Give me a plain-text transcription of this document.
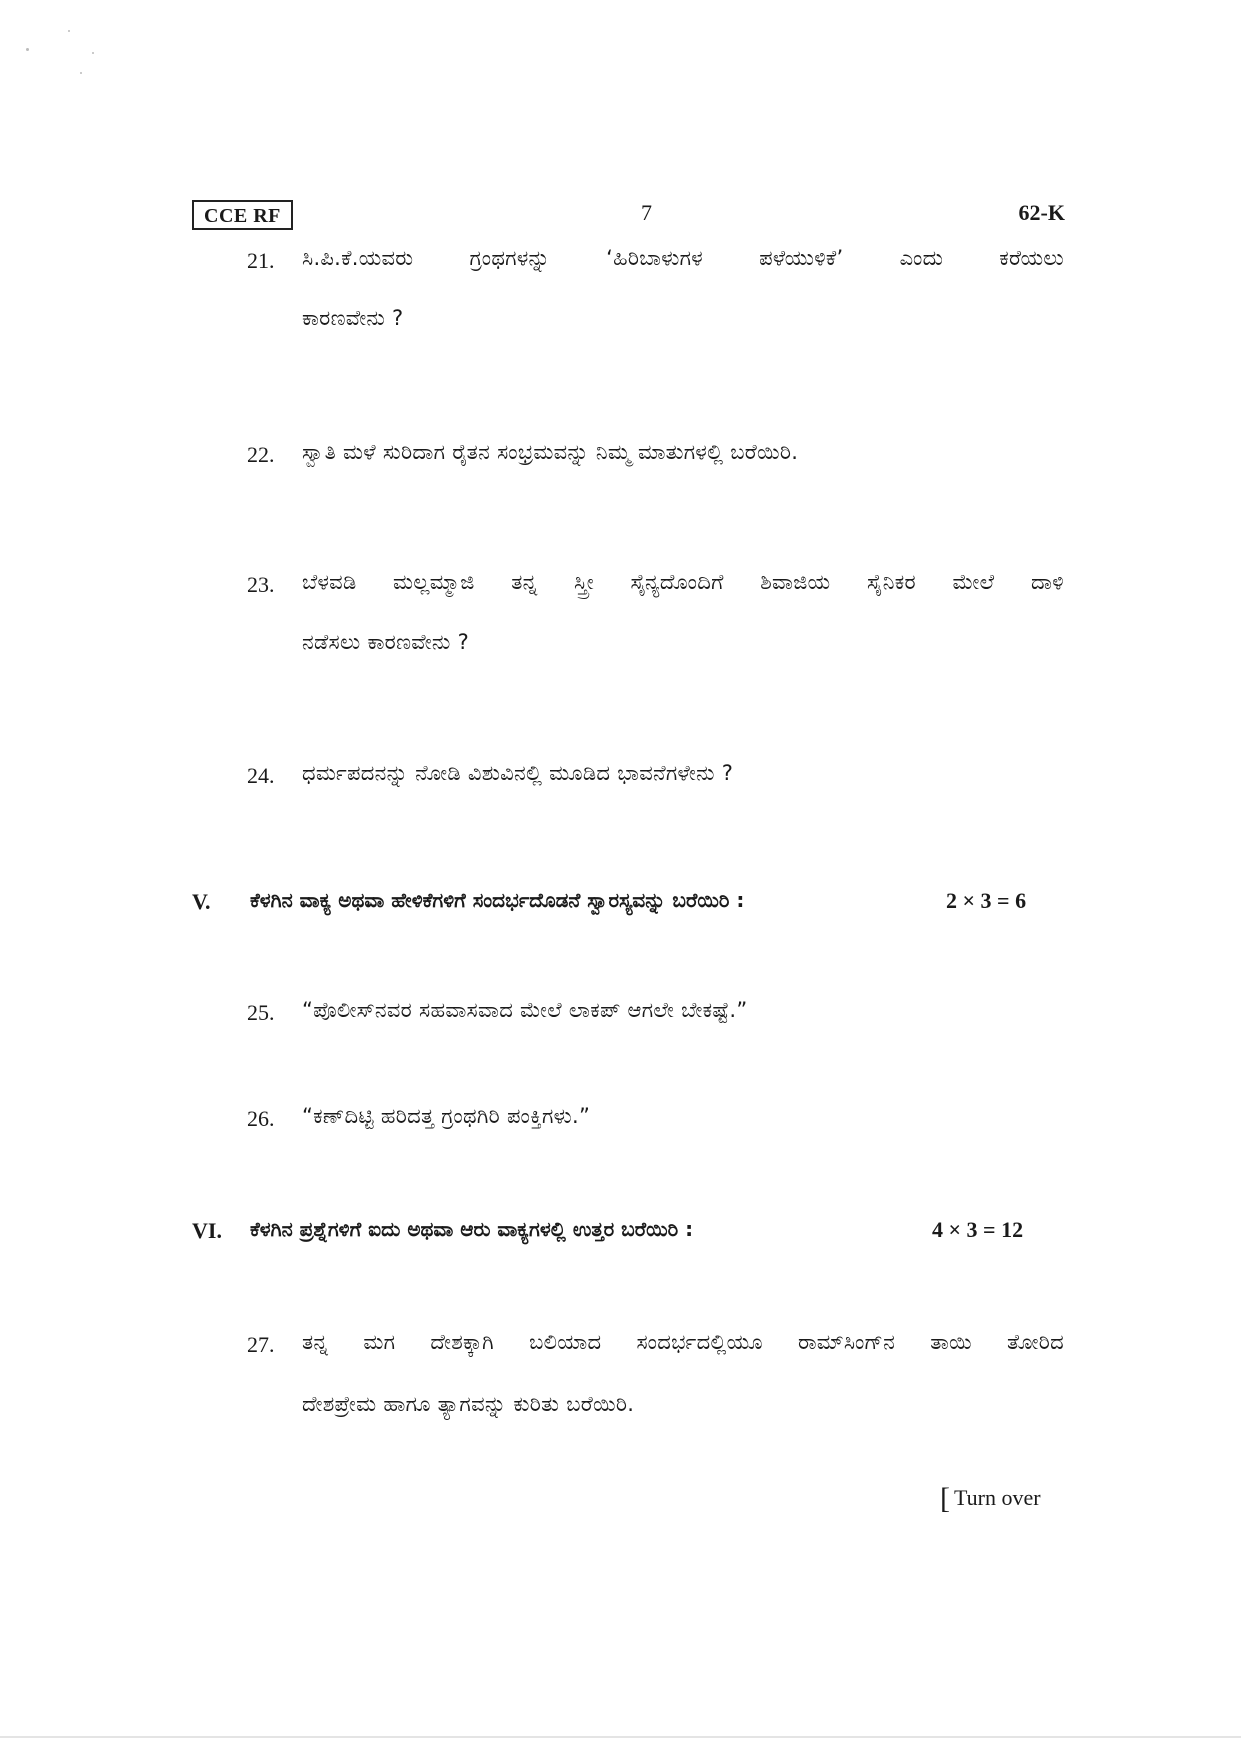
CCE RF	7	62-K
21. ಸಿ.ಪಿ.ಕೆ.ಯವರು ಗ್ರಂಥಗಳನ್ನು ‘ಹಿರಿಬಾಳುಗಳ ಪಳೆಯುಳಿಕೆ’ ಎಂದು ಕರೆಯಲು
ಕಾರಣವೇನು ?
22. ಸ್ವಾತಿ ಮಳೆ ಸುರಿದಾಗ ರೈತನ ಸಂಭ್ರಮವನ್ನು ನಿಮ್ಮ ಮಾತುಗಳಲ್ಲಿ ಬರೆಯಿರಿ.
23. ಬೆಳವಡಿ ಮಲ್ಲಮ್ಮಾಜಿ ತನ್ನ ಸ್ತ್ರೀ ಸೈನ್ಯದೊಂದಿಗೆ ಶಿವಾಜಿಯ ಸೈನಿಕರ ಮೇಲೆ ದಾಳಿ
ನಡೆಸಲು ಕಾರಣವೇನು ?
24. ಧರ್ಮಪದನನ್ನು ನೋಡಿ ವಿಶುವಿನಲ್ಲಿ ಮೂಡಿದ ಭಾವನೆಗಳೇನು ?
V. ಕೆಳಗಿನ ವಾಕ್ಯ ಅಥವಾ ಹೇಳಿಕೆಗಳಿಗೆ ಸಂದರ್ಭದೊಡನೆ ಸ್ವಾರಸ್ಯವನ್ನು ಬರೆಯಿರಿ :	2 × 3 = 6
25. “ಪೊಲೀಸ್‌ನವರ ಸಹವಾಸವಾದ ಮೇಲೆ ಲಾಕಪ್ ಆಗಲೇ ಬೇಕಷ್ಟೆ.”
26. “ಕಣ್‌ದಿಟ್ಟಿ ಹರಿದತ್ತ ಗ್ರಂಥಗಿರಿ ಪಂಕ್ತಿಗಳು.”
VI. ಕೆಳಗಿನ ಪ್ರಶ್ನೆಗಳಿಗೆ ಐದು ಅಥವಾ ಆರು ವಾಕ್ಯಗಳಲ್ಲಿ ಉತ್ತರ ಬರೆಯಿರಿ :	4 × 3 = 12
27. ತನ್ನ ಮಗ ದೇಶಕ್ಕಾಗಿ ಬಲಿಯಾದ ಸಂದರ್ಭದಲ್ಲಿಯೂ ರಾಮ್‌ಸಿಂಗ್‌ನ ತಾಯಿ ತೋರಿದ
ದೇಶಪ್ರೇಮ ಹಾಗೂ ತ್ಯಾಗವನ್ನು ಕುರಿತು ಬರೆಯಿರಿ.
[ Turn over
